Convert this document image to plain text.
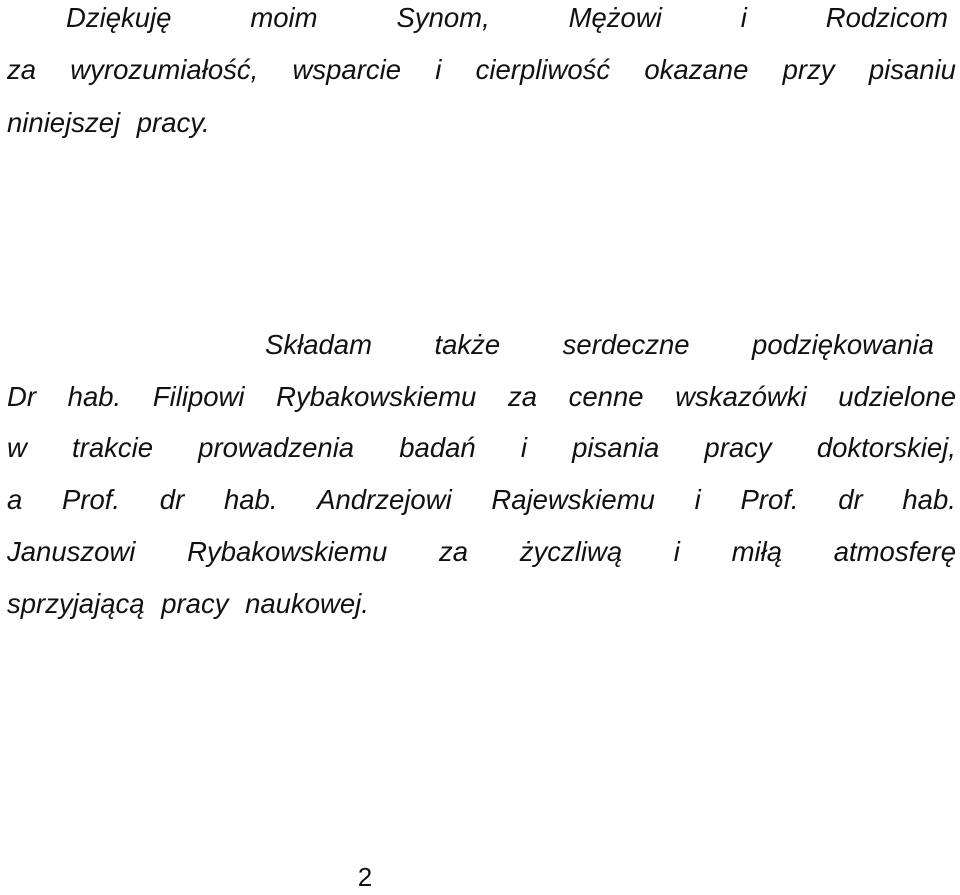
Dziękuję	moim	Synom,	Mężowi	i	Rodzicom
za wyrozumiałość, wsparcie i cierpliwość okazane przy pisaniu
niniejszej pracy.
Składam także serdeczne podziękowania
Dr hab. Filipowi Rybakowskiemu za cenne wskazówki udzielone
w trakcie prowadzenia badań i pisania pracy doktorskiej,
a Prof. dr hab. Andrzejowi Rajewskiemu i Prof. dr hab.
Januszowi Rybakowskiemu za życzliwą i miłą atmosferę
sprzyjającą pracy naukowej.
2
